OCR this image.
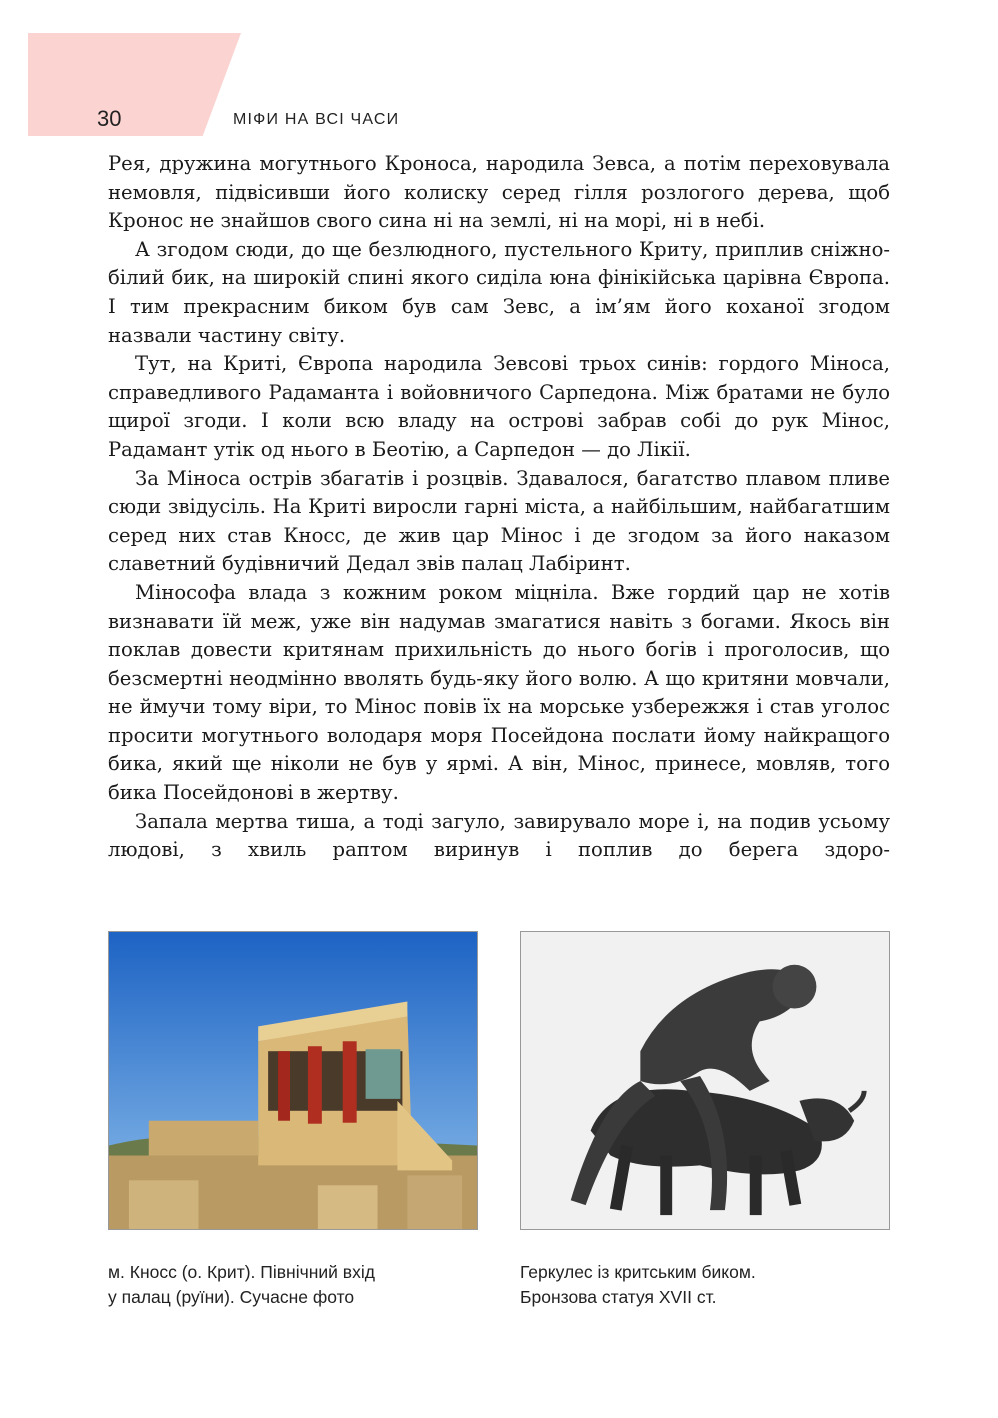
30	МІФИ НА ВСІ ЧАСИ

Рея, дружина могутнього Кроноса, народила Зевса, а потім переховувала немовля, підвісивши його колиску серед гілля розлогого дерева, щоб Кронос не знайшов свого сина ні на землі, ні на морі, ні в небі.

А згодом сюди, до ще безлюдного, пустельного Криту, приплив сніжно-білий бик, на широкій спині якого сиділа юна фінікійська царівна Європа. І тим прекрасним биком був сам Зевс, а ім’ям його коханої згодом назвали частину світу.

Тут, на Криті, Європа народила Зевсові трьох синів: гордого Міноса, справедливого Радаманта і войовничого Сарпедона. Між братами не було щирої згоди. І коли всю владу на острові забрав собі до рук Мінос, Радамант утік од нього в Беотію, а Сарпедон — до Лікії.

За Міноса острів збагатів і розцвів. Здавалося, багатство плавом пливе сюди звідусіль. На Криті виросли гарні міста, а найбільшим, найбагатшим серед них став Кносс, де жив цар Мінос і де згодом за його наказом славетний будівничий Дедал звів палац Лабіринт.

Мінософа влада з кожним роком міцніла. Вже гордий цар не хотів визнавати їй меж, уже він надумав змагатися навіть з богами. Якось він поклав довести критянам прихильність до нього богів і проголосив, що безсмертні неодмінно вволять будь-яку його волю. А що критяни мовчали, не ймучи тому віри, то Мінос повів їх на морське узбережжя і став уголос просити могутнього володаря моря Посейдона послати йому найкращого бика, який ще ніколи не був у ярмі. А він, Мінос, принесе, мовляв, того бика Посейдонові в жертву.

Запала мертва тиша, а тоді загуло, завирувало море і, на подив усьому людові, з хвиль раптом виринув і поплив до берега здоро-

м. Кносс (о. Крит). Північний вхід
у палац (руїни). Сучасне фото
Геркулес із критським биком.
Бронзова статуя XVII ст.
